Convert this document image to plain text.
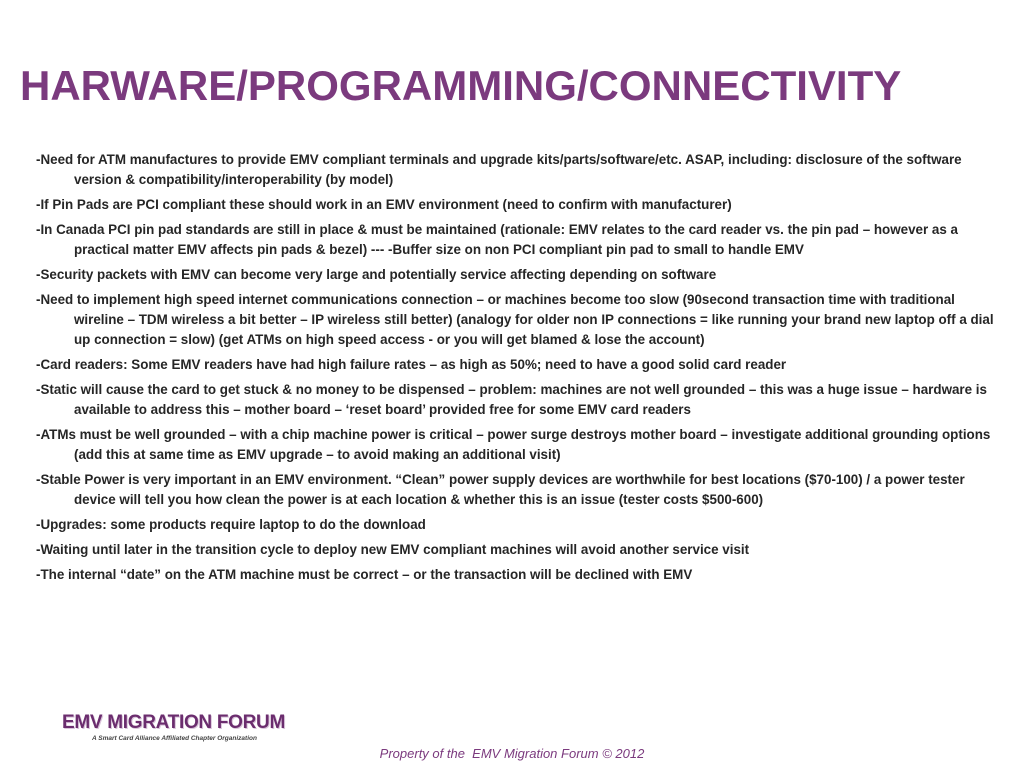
HARWARE/PROGRAMMING/CONNECTIVITY
-Need for ATM manufactures to provide EMV compliant terminals and upgrade kits/parts/software/etc. ASAP, including: disclosure of the software version & compatibility/interoperability (by model)
-If Pin Pads are PCI compliant these should work in an EMV environment (need to confirm with manufacturer)
-In Canada PCI pin pad standards are still in place & must be maintained (rationale: EMV relates to the card reader vs. the pin pad – however as a practical matter EMV affects pin pads & bezel) --- -Buffer size on non PCI compliant pin pad to small to handle EMV
-Security packets with EMV can become very large and potentially service affecting depending on software
-Need to implement high speed internet communications connection – or machines become too slow (90second transaction time with traditional wireline – TDM wireless a bit better – IP wireless still better) (analogy for older non IP connections = like running your brand new laptop off a dial up connection = slow) (get ATMs on high speed access - or you will get blamed & lose the account)
-Card readers: Some EMV readers have had high failure rates – as high as 50%; need to have a good solid card reader
-Static will cause the card to get stuck & no money to be dispensed – problem: machines are not well grounded – this was a huge issue – hardware is available to address this – mother board – ‘reset board’ provided free for some EMV card readers
-ATMs must be well grounded – with a chip machine power is critical – power surge destroys mother board – investigate additional grounding options (add this at same time as EMV upgrade – to avoid making an additional visit)
-Stable Power is very important in an EMV environment. “Clean” power supply devices are worthwhile for best locations ($70-100) / a power tester device will tell you how clean the power is at each location & whether this is an issue (tester costs $500-600)
-Upgrades: some products require laptop to do the download
-Waiting until later in the transition cycle to deploy new EMV compliant machines will avoid another service visit
-The internal “date” on the ATM machine must be correct – or the transaction will be declined with EMV
EMV MIGRATION FORUM
A Smart Card Alliance Affiliated Chapter Organization
Property of the  EMV Migration Forum © 2012
